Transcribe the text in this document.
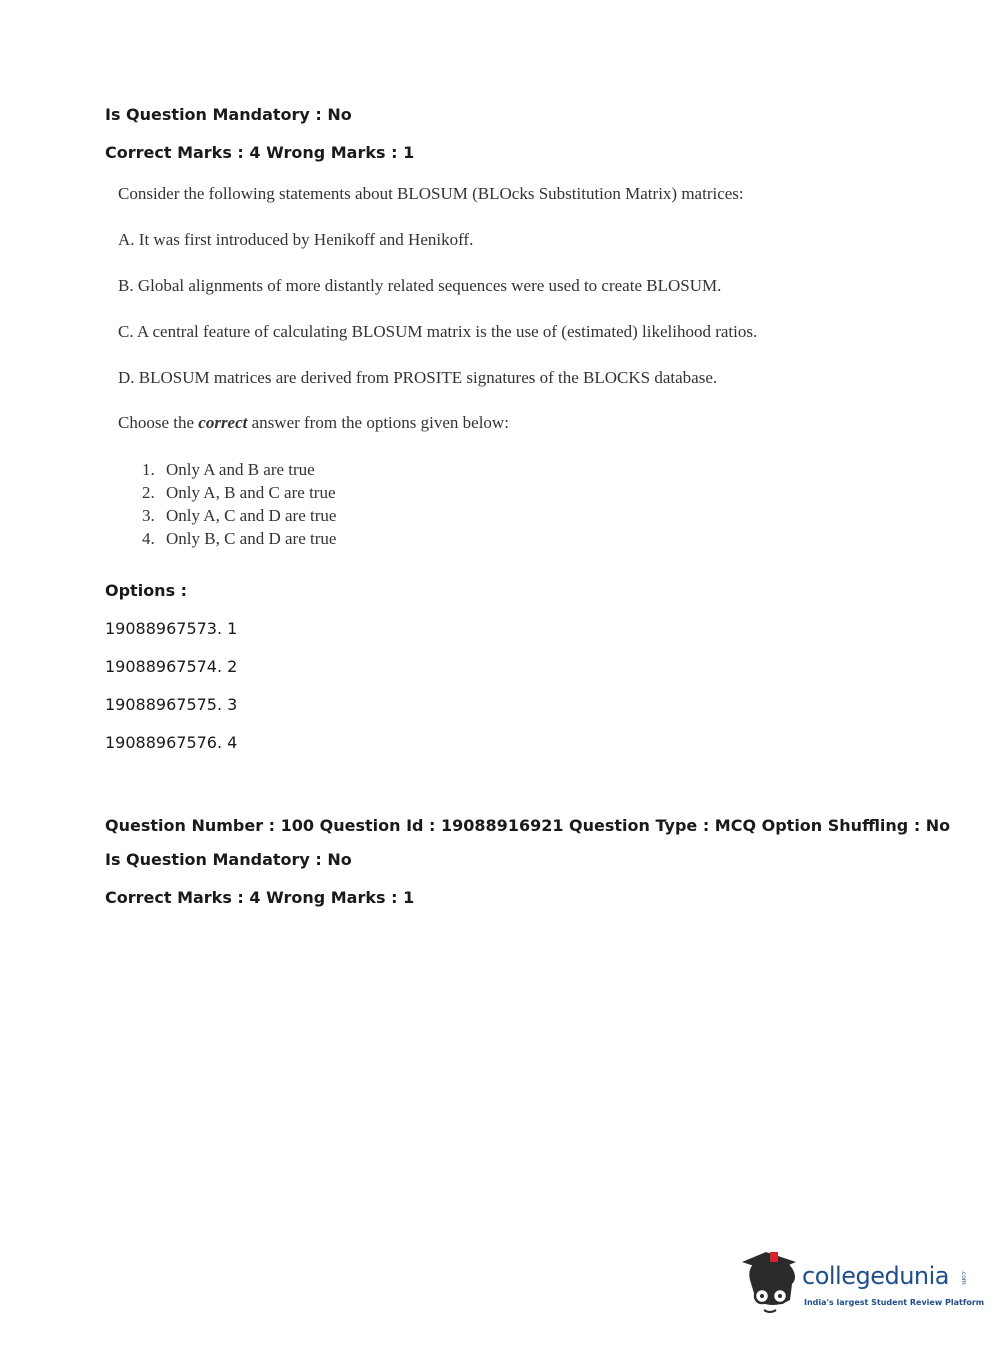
Is Question Mandatory : No

Correct Marks : 4 Wrong Marks : 1

Consider the following statements about BLOSUM (BLOcks Substitution Matrix) matrices:

A. It was first introduced by Henikoff and Henikoff.

B. Global alignments of more distantly related sequences were used to create BLOSUM.

C. A central feature of calculating BLOSUM matrix is the use of (estimated) likelihood ratios.

D. BLOSUM matrices are derived from PROSITE signatures of the BLOCKS database.

Choose the correct answer from the options given below:

1. Only A and B are true
2. Only A, B and C are true
3. Only A, C and D are true
4. Only B, C and D are true

Options :

19088967573. 1

19088967574. 2

19088967575. 3

19088967576. 4

Question Number : 100 Question Id : 19088916921 Question Type : MCQ Option Shuffling : No

Is Question Mandatory : No

Correct Marks : 4 Wrong Marks : 1

collegedunia .com
India's largest Student Review Platform
